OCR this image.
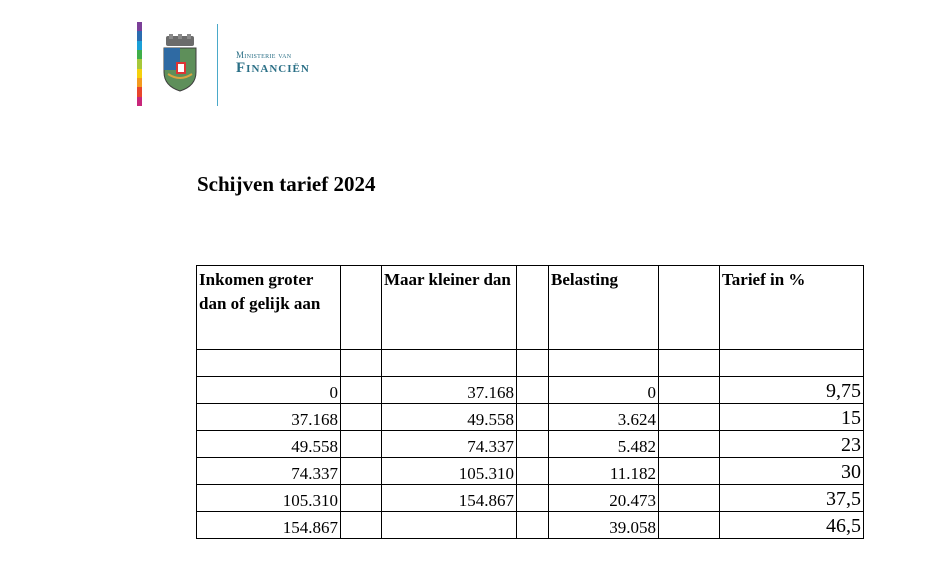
Ministerie van
Financiën
Schijven tarief 2024
Inkomen groter dan of gelijk aan		Maar kleiner dan		Belasting		Tarief in %

0		37.168		0		9,75
37.168		49.558		3.624		15
49.558		74.337		5.482		23
74.337		105.310		11.182		30
105.310		154.867		20.473		37,5
154.867				39.058		46,5
